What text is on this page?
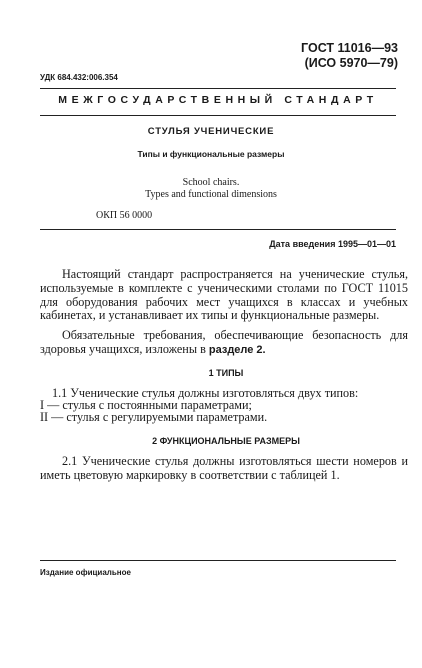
ГОСТ 11016—93
(ИСО 5970—79)
УДК 684.432:006.354
МЕЖГОСУДАРСТВЕННЫЙ СТАНДАРТ
СТУЛЬЯ УЧЕНИЧЕСКИЕ
Типы и функциональные размеры
School chairs.
Types and functional dimensions
ОКП 56 0000
Дата введения 1995—01—01
Настоящий стандарт распространяется на ученические стулья, используемые в комплекте с ученическими столами по ГОСТ 11015 для оборудования рабочих мест учащихся в классах и учебных кабинетах, и устанавливает их типы и функциональные размеры.
Обязательные требования, обеспечивающие безопасность для здоровья учащихся, изложены в разделе 2.
1 ТИПЫ
1.1 Ученические стулья должны изготовляться двух типов:
I — стулья с постоянными параметрами;
II — стулья с регулируемыми параметрами.
2 ФУНКЦИОНАЛЬНЫЕ РАЗМЕРЫ
2.1 Ученические стулья должны изготовляться шести номеров и иметь цветовую маркировку в соответствии с таблицей 1.
Издание официальное
